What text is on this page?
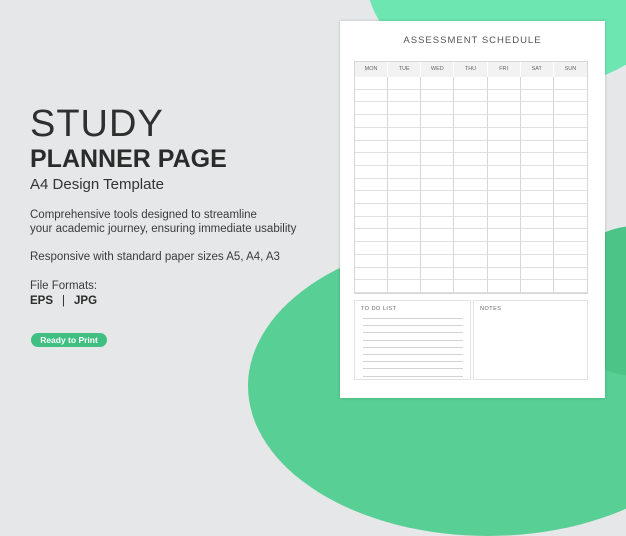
STUDY
PLANNER PAGE
A4 Design Template
Comprehensive tools designed to streamline
your academic journey, ensuring immediate usability
Responsive with standard paper sizes A5, A4, A3
File Formats:
EPS | JPG
Ready to Print
ASSESSMENT SCHEDULE
MON	TUE	WED	THU	FRI	SAT	SUN
TO DO LIST	NOTES
